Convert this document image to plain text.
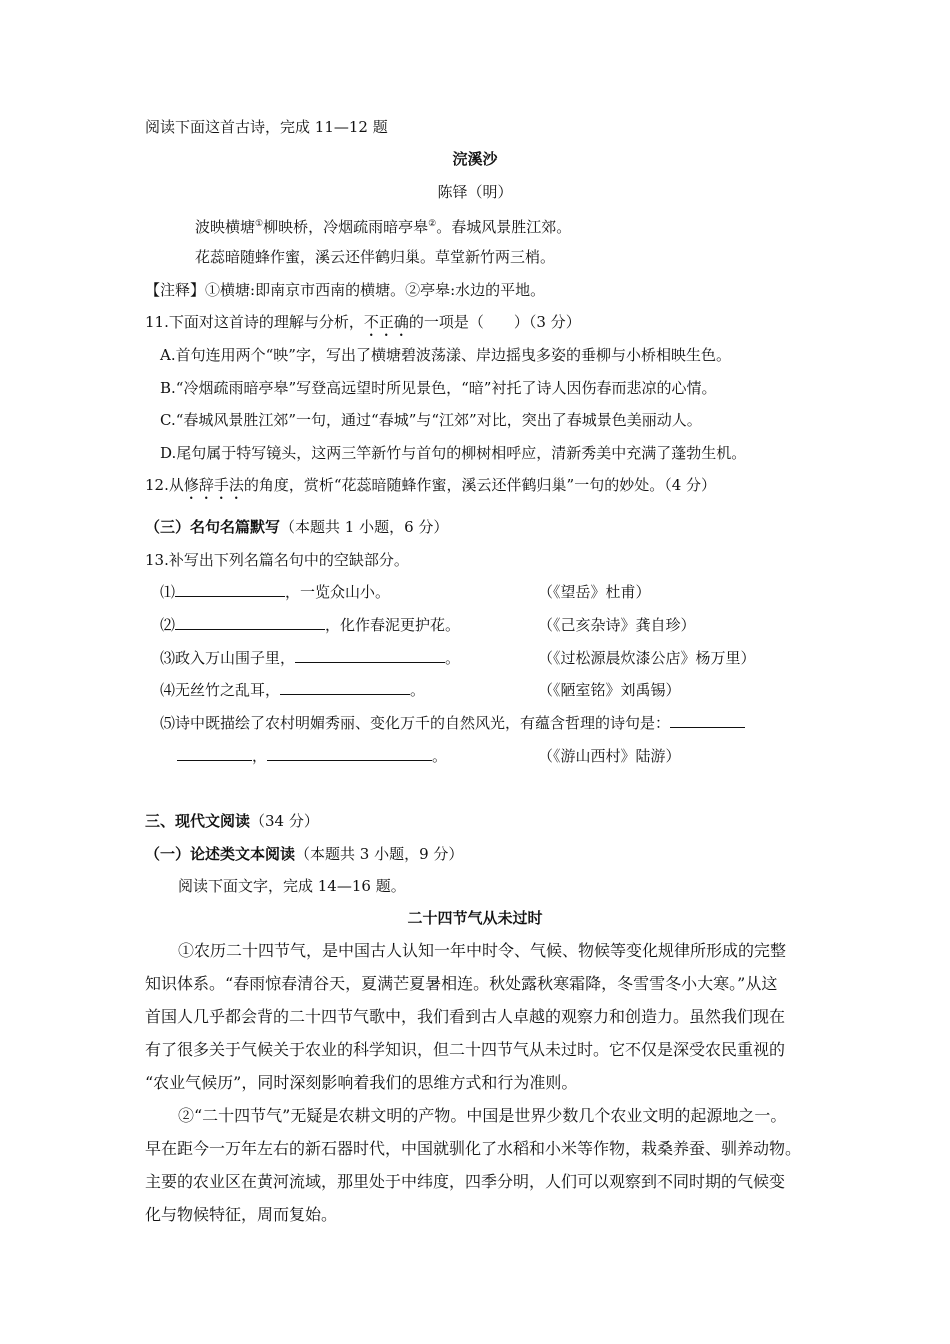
阅读下面这首古诗，完成 11—12 题
浣溪沙
陈铎（明）
波映横塘①柳映桥，冷烟疏雨暗亭皋②。春城风景胜江郊。
花蕊暗随蜂作蜜，溪云还伴鹤归巢。草堂新竹两三梢。
【注释】①横塘:即南京市西南的横塘。②亭皋:水边的平地。
11.下面对这首诗的理解与分析，不正确的一项是（　　）（3 分）
A.首句连用两个“映”字，写出了横塘碧波荡漾、岸边摇曳多姿的垂柳与小桥相映生色。
B.“冷烟疏雨暗亭皋”写登高远望时所见景色，“暗”衬托了诗人因伤春而悲凉的心情。
C.“春城风景胜江郊”一句，通过“春城”与“江郊”对比，突出了春城景色美丽动人。
D.尾句属于特写镜头，这两三竿新竹与首句的柳树相呼应，清新秀美中充满了蓬勃生机。
12.从修辞手法的角度，赏析“花蕊暗随蜂作蜜，溪云还伴鹤归巢”一句的妙处。（4 分）
（三）名句名篇默写（本题共 1 小题，6 分）
13.补写出下列名篇名句中的空缺部分。
⑴	，一览众山小。	（《望岳》杜甫）
⑵	，化作春泥更护花。	（《己亥杂诗》龚自珍）
⑶政入万山围子里，	。	（《过松源晨炊漆公店》杨万里）
⑷无丝竹之乱耳，	。	（《陋室铭》刘禹锡）
⑸诗中既描绘了农村明媚秀丽、变化万千的自然风光，有蕴含哲理的诗句是：
，	。	（《游山西村》陆游）
三、现代文阅读（34 分）
（一）论述类文本阅读（本题共 3 小题，9 分）
阅读下面文字，完成 14—16 题。
二十四节气从未过时
①农历二十四节气，是中国古人认知一年中时令、气候、物候等变化规律所形成的完整
知识体系。“春雨惊春清谷天，夏满芒夏暑相连。秋处露秋寒霜降，冬雪雪冬小大寒。”从这
首国人几乎都会背的二十四节气歌中，我们看到古人卓越的观察力和创造力。虽然我们现在
有了很多关于气候关于农业的科学知识，但二十四节气从未过时。它不仅是深受农民重视的
“农业气候历”，同时深刻影响着我们的思维方式和行为准则。
②“二十四节气”无疑是农耕文明的产物。中国是世界少数几个农业文明的起源地之一。
早在距今一万年左右的新石器时代，中国就驯化了水稻和小米等作物，栽桑养蚕、驯养动物。
主要的农业区在黄河流域，那里处于中纬度，四季分明，人们可以观察到不同时期的气候变
化与物候特征，周而复始。
